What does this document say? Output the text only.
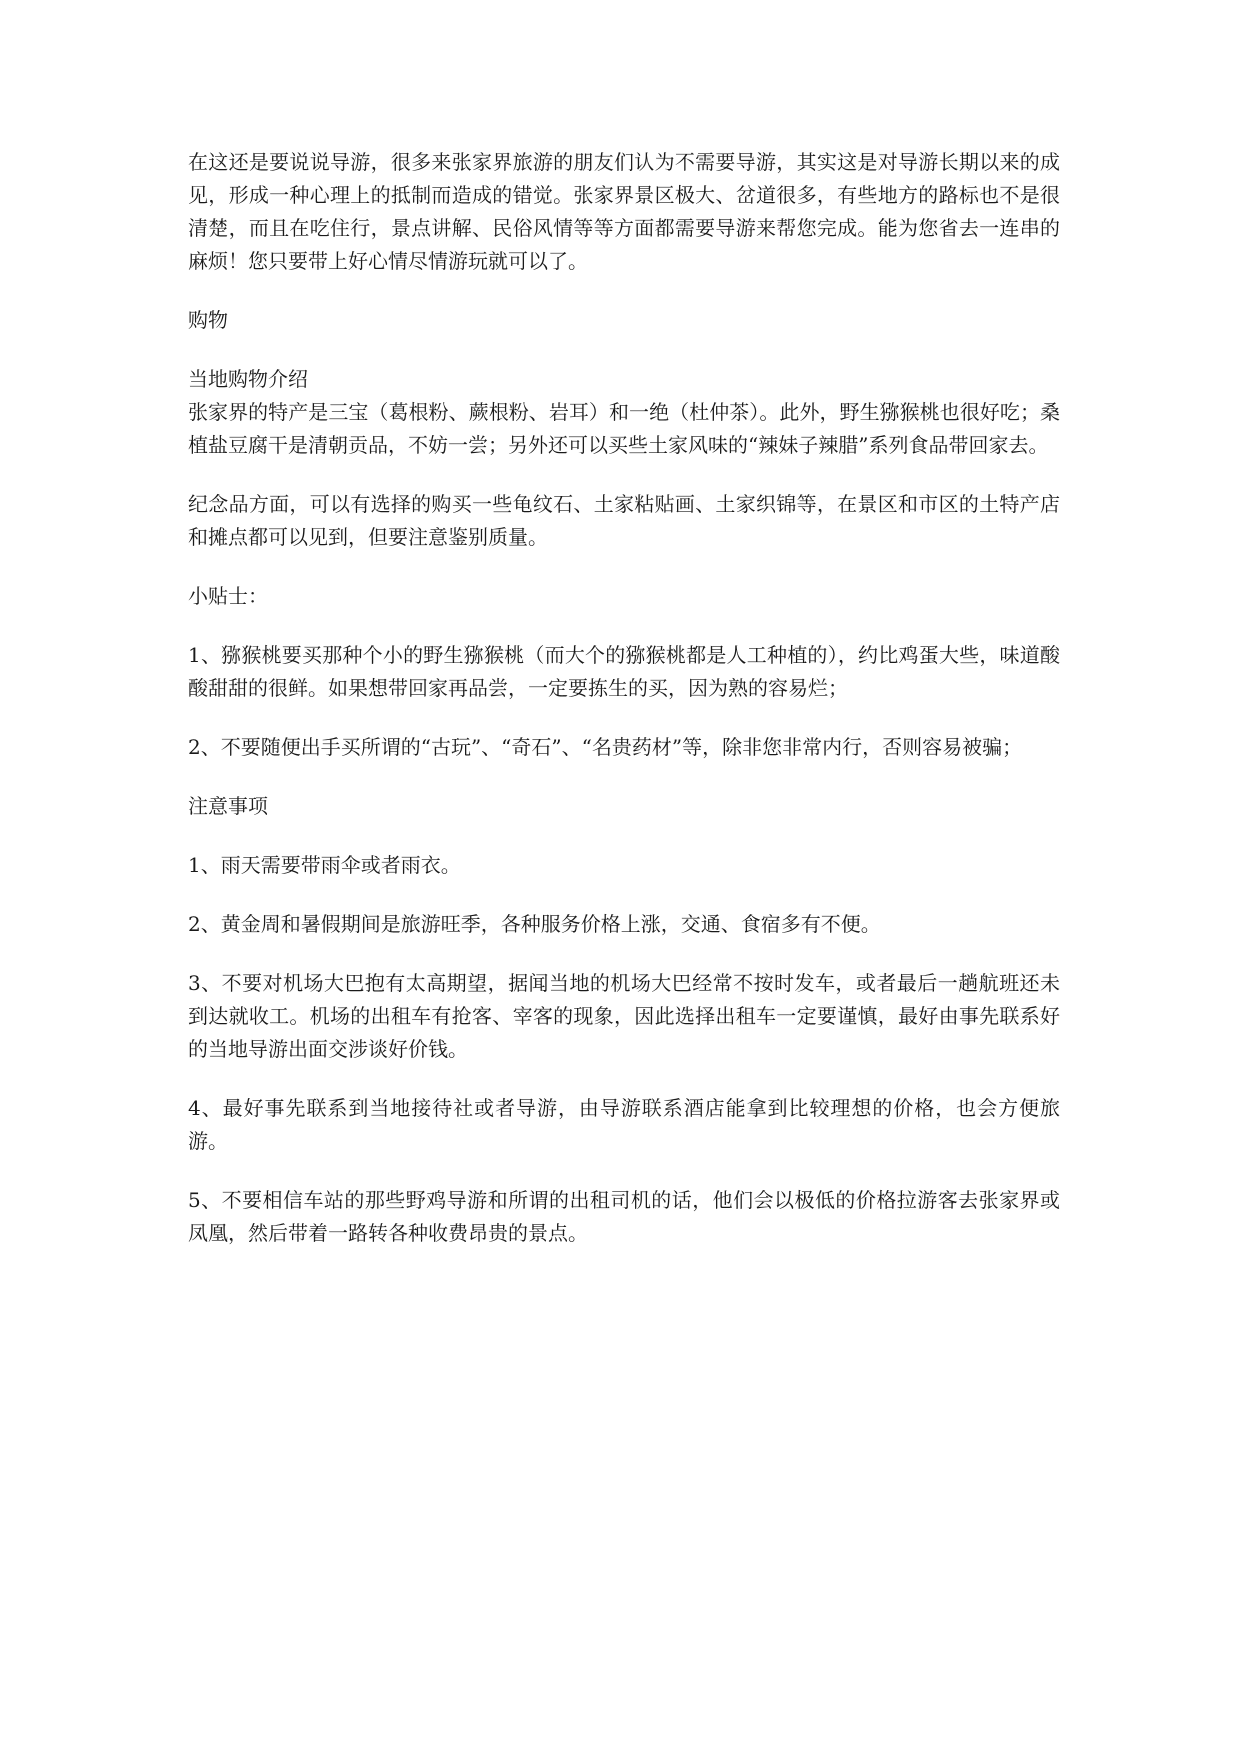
在这还是要说说导游，很多来张家界旅游的朋友们认为不需要导游，其实这是对导游长期以来的成见，形成一种心理上的抵制而造成的错觉。张家界景区极大、岔道很多，有些地方的路标也不是很清楚，而且在吃住行，景点讲解、民俗风情等等方面都需要导游来帮您完成。能为您省去一连串的麻烦！您只要带上好心情尽情游玩就可以了。

购物

当地购物介绍

张家界的特产是三宝（葛根粉、蕨根粉、岩耳）和一绝（杜仲茶）。此外，野生猕猴桃也很好吃；桑植盐豆腐干是清朝贡品，不妨一尝；另外还可以买些土家风味的“辣妹子辣腊”系列食品带回家去。

纪念品方面，可以有选择的购买一些龟纹石、土家粘贴画、土家织锦等，在景区和市区的土特产店和摊点都可以见到，但要注意鉴别质量。

小贴士：

1、猕猴桃要买那种个小的野生猕猴桃（而大个的猕猴桃都是人工种植的），约比鸡蛋大些，味道酸酸甜甜的很鲜。如果想带回家再品尝，一定要拣生的买，因为熟的容易烂；

2、不要随便出手买所谓的“古玩”、“奇石”、“名贵药材”等，除非您非常内行，否则容易被骗；

注意事项

1、雨天需要带雨伞或者雨衣。

2、黄金周和暑假期间是旅游旺季，各种服务价格上涨，交通、食宿多有不便。

3、不要对机场大巴抱有太高期望，据闻当地的机场大巴经常不按时发车，或者最后一趟航班还未到达就收工。机场的出租车有抢客、宰客的现象，因此选择出租车一定要谨慎，最好由事先联系好的当地导游出面交涉谈好价钱。

4、最好事先联系到当地接待社或者导游，由导游联系酒店能拿到比较理想的价格，也会方便旅游。

5、不要相信车站的那些野鸡导游和所谓的出租司机的话，他们会以极低的价格拉游客去张家界或凤凰，然后带着一路转各种收费昂贵的景点。
